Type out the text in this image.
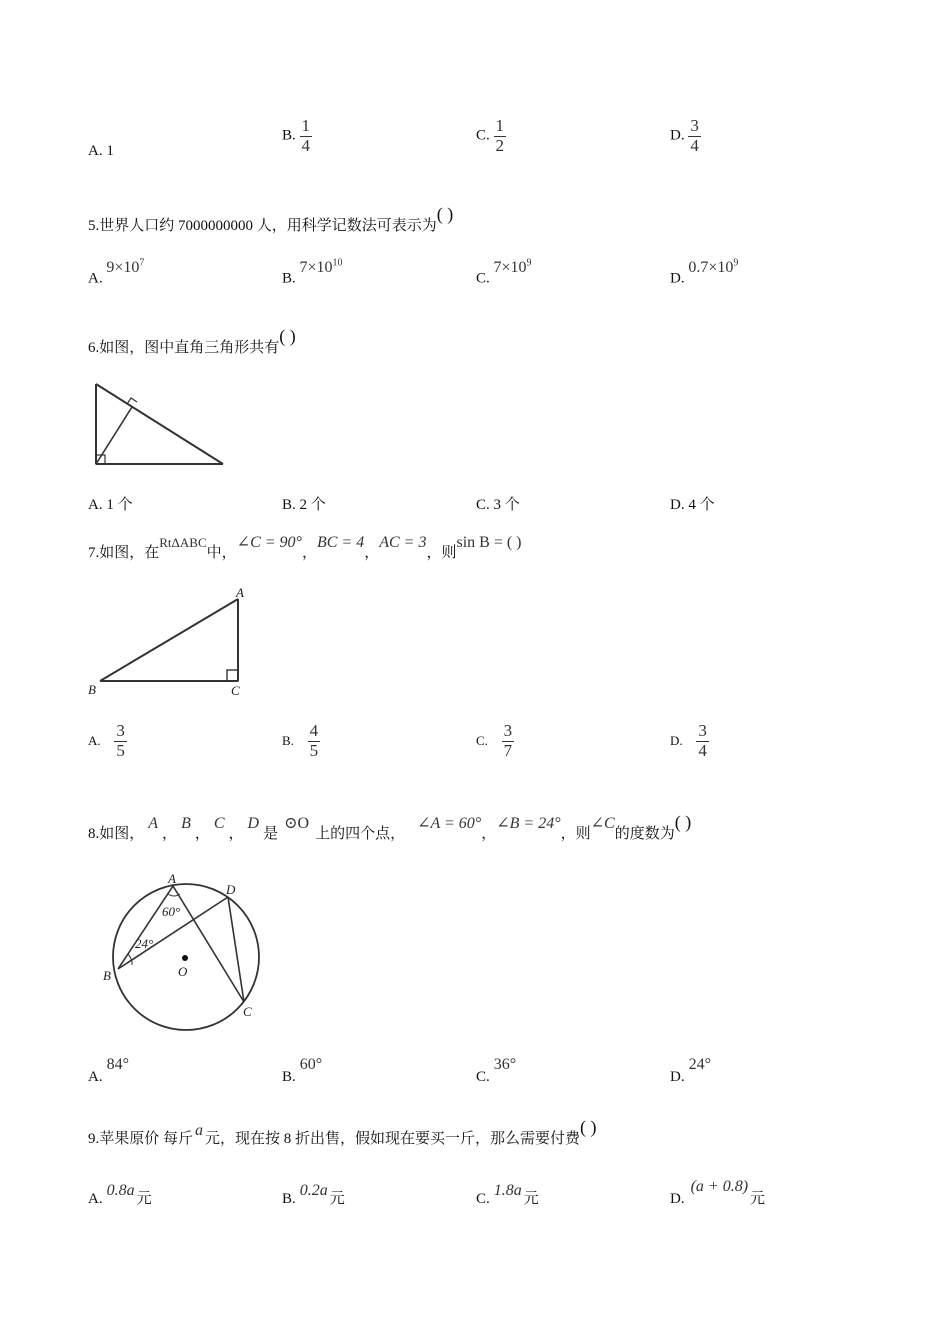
A. 1
B. $\frac{1}{4}$	C. $\frac{1}{2}$	D. $\frac{3}{4}$
5.世界人口约 7000000000 人，用科学记数法可表示为( )
A. $9\times 10^7$
B. $7\times 10^{10}$
C. $7\times 10^9$
D. $0.7\times 10^9$
6.如图，图中直角三角形共有( )
A. 1 个	B. 2 个	C. 3 个	D. 4 个
7.如图，在RtΔABC中，∠C = 90°，BC = 4，AC = 3，则sin B = ( )
A
B	C
A. $\frac{3}{5}$	B. $\frac{4}{5}$	C. $\frac{3}{7}$	D. $\frac{3}{4}$
8.如图，A，B，C，D是⊙O上的四个点，∠A = 60°，∠B = 24°，则∠C的度数为( )
A
D
B
C
O
60°
24°
A.84°
B.60°
C.36°
D.24°
9.苹果原价 每斤 a 元，现在按 8 折出售，假如现在要买一斤，那么需要付费( )
A. 0.8a 元	B. 0.2a 元	C. 1.8a 元	D.(a + 0.8)元
